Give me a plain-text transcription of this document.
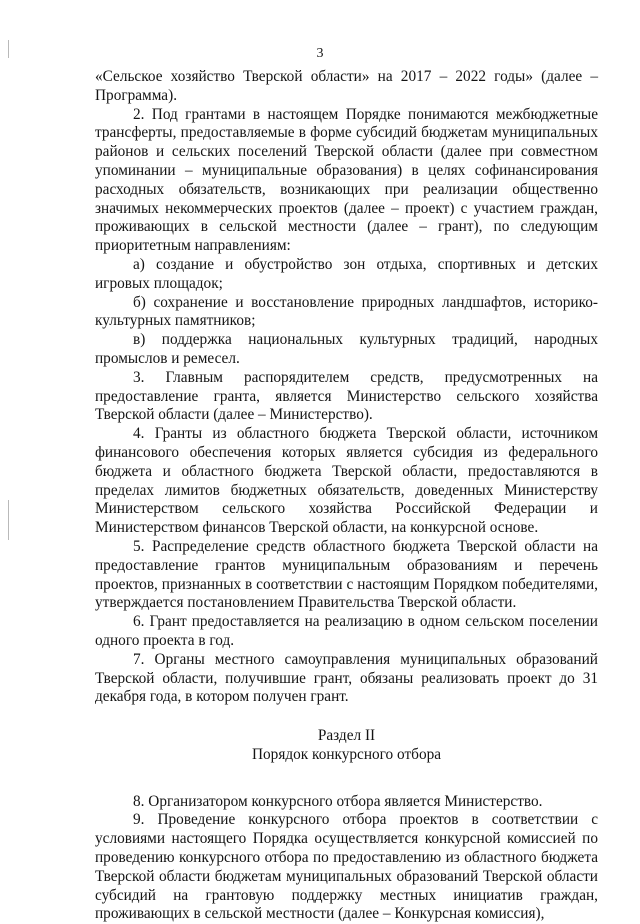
3

«Сельское хозяйство Тверской области» на 2017 – 2022 годы» (далее – Программа).

2. Под грантами в настоящем Порядке понимаются межбюджетные трансферты, предоставляемые в форме субсидий бюджетам муниципальных районов и сельских поселений Тверской области (далее при совместном упоминании – муниципальные образования) в целях софинансирования расходных обязательств, возникающих при реализации общественно значимых некоммерческих проектов (далее – проект) с участием граждан, проживающих в сельской местности (далее – грант), по следующим приоритетным направлениям:

а) создание и обустройство зон отдыха, спортивных и детских игровых площадок;

б) сохранение и восстановление природных ландшафтов, историко-культурных памятников;

в) поддержка национальных культурных традиций, народных промыслов и ремесел.

3. Главным распорядителем средств, предусмотренных на предоставление гранта, является Министерство сельского хозяйства Тверской области (далее – Министерство).

4. Гранты из областного бюджета Тверской области, источником финансового обеспечения которых является субсидия из федерального бюджета и областного бюджета Тверской области, предоставляются в пределах лимитов бюджетных обязательств, доведенных Министерству Министерством сельского хозяйства Российской Федерации и Министерством финансов Тверской области, на конкурсной основе.

5. Распределение средств областного бюджета Тверской области на предоставление грантов муниципальным образованиям и перечень проектов, признанных в соответствии с настоящим Порядком победителями, утверждается постановлением Правительства Тверской области.

6. Грант предоставляется на реализацию в одном сельском поселении одного проекта в год.

7. Органы местного самоуправления муниципальных образований Тверской области, получившие грант, обязаны реализовать проект до 31 декабря года, в котором получен грант.

Раздел II

Порядок конкурсного отбора

8. Организатором конкурсного отбора является Министерство.

9. Проведение конкурсного отбора проектов в соответствии с условиями настоящего Порядка осуществляется конкурсной комиссией по проведению конкурсного отбора по предоставлению из областного бюджета Тверской области бюджетам муниципальных образований Тверской области субсидий на грантовую поддержку местных инициатив граждан, проживающих в сельской местности (далее – Конкурсная комиссия),
